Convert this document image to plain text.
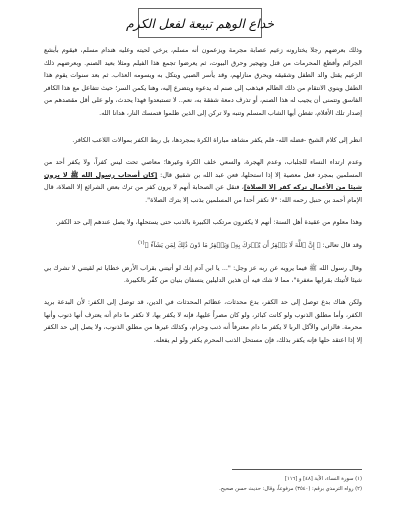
خداع الوهم تبيعة لفعل الكرم

وذلك بعرضهم رجلا يختارونه زعيم عصابة مجرمة ويزعمون أنه مسلم، يرخي لحيته وعليه هندام مسلم، فيقوم بأبشع الجرائم وأفظع المحرمات من قتل وتهجير وحرق البيوت، ثم يعرضوا تجمع هذا الفيلم ومثلا بعيد الصنم. وبعرضهم ذلك الزعيم يقتل والد الطفل وشقيقه ويحرق منازلهم، وقد يأسر الصبي ويتكل به ويسومه العذاب. ثم بعد سنوات يقوم هذا الطفل وينوي الانتقام من ذلك الظالم فيذهب إلى صنم له يدعوه ويتضرع إليه، وهنا يكمن السر؛ حيث تتفاعل مع هذا الكافر الفاسق وتتمنى أن يجيب له هذا الصنم، أو تذرف دمعة شفقة به، نعم.. لا تستبعدوا فهذا يحدث، ولو على أقل مقصدهم من إصدار تلك الأفلام، تفطن أيها الشاب المسلم وتنبه ولا تركن إلى الذين ظلموا فتمسك النار، هدانا الله.

انظر إلى كلام الشيخ -فضله الله- فلم يكفر مشاهد مباراة الكرة بمجردها، بل ربط الكفر بموالات اللاعب الكافر.

وعدم ارتداء النساء للجلباب، وعدم الهجرة، والسعي خلف الكرة وغيرها؛ معاصي تحت ليس كفراً، ولا يكفر أحد من المسلمين بمجرد فعل معصية إلا إذا استحلها، فعن عبد الله بن شقيق قال: [كان أصحاب رسول الله ﷺ لا يرون شيئا من الأعمال تركه كفر إلا الصلاة]، فنقل عن الصحابة أنهم لا يرون كفر من ترك بعض الشرائع إلا الصلاة، قال الإمام أحمد بن حنبل رحمه الله: "لا نكفر أحدا من المسلمين بذنب إلا بترك الصلاة".

وهذا معلوم من عقيدة أهل السنة: أنهم لا يكفرون مرتكب الكبيرة بالذنب حتى يستحلها، ولا يصل عندهم إلى حد الكفر.

وقد قال تعالى: ﴿ إِنَّ ٱللَّهَ لَا يَغۡفِرُ أَن يُشۡرَكَ بِهِۦ وَيَغۡفِرُ مَا دُونَ ذَٰلِكَ لِمَن يَشَآءُ ﴾$^{(١)}$

وقال رسول الله ﷺ فيما يرويه عن ربه عز وجل: "... يا ابن آدم إنك لو أتيتني بقراب الأرض خطايا ثم لقيتني لا تشرك بي شيئا لأتيتك بقرابها مغفرة"، مما لا شك فيه أن هذين الدليلين ينسفان بنيان من كفّر بالكبيرة.

ولكن هناك بدع توصل إلى حد الكفر، بدع محدثات، عظائم المحدثات في الدين، قد توصل إلى الكفر: لأن البدعة بريد الكفر، وأما مطلق الذنوب ولو كانت كبائر، ولو كان مصراً عليها، فإنه لا يكفر بها، لا نكفر ما دام أنه يعترف أنها ذنوب وأنها محرمة. فالزاني والآكل الربا لا يكفر ما دام معترفاً أنه ذنب وحرام، وكذلك غيرها من مطلق الذنوب، ولا يصل إلى حد الكفر إلا إذا اعتقد حلها فإنه يكفر بذلك، فإن مستحل الذنب المحرم يكفر ولو لم يفعله.

(١) سورة النساء، الآية [٤٨] و [١١٦]
(٢) رواه الترمذي برقم: (٣٥٤٠) مرفوعاً، وقال: حديث حسن صحيح.
